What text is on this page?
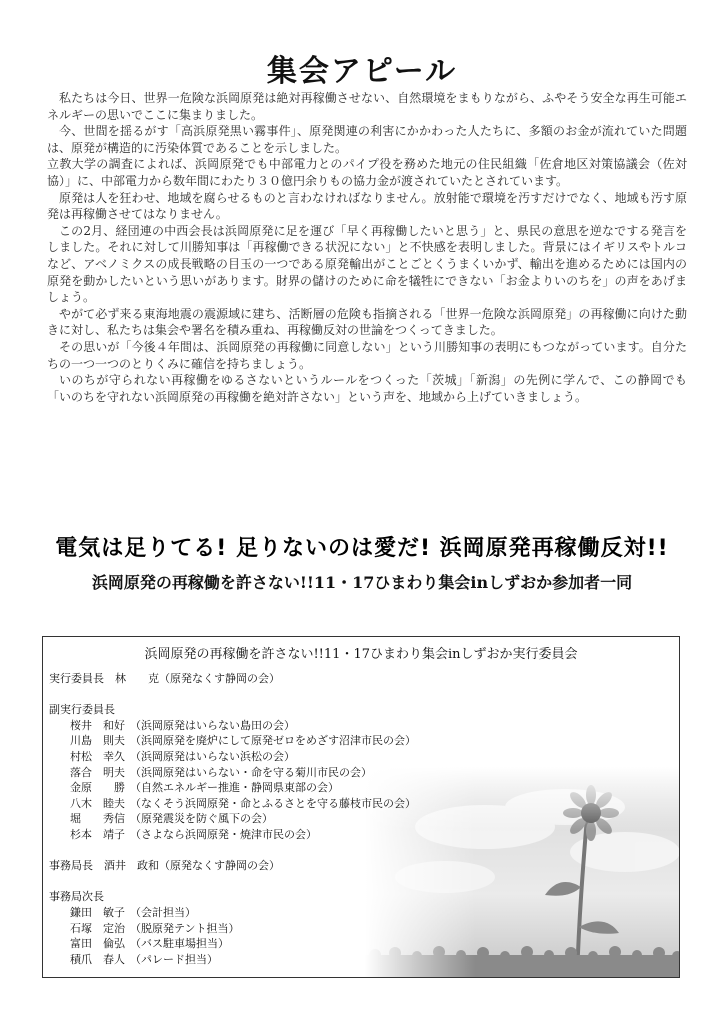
集会アピール

私たちは今日、世界一危険な浜岡原発は絶対再稼働させない、自然環境をまもりながら、ふやそう安全な再生可能エネルギーの思いでここに集まりました。

今、世間を揺るがす「高浜原発黒い霧事件」、原発関連の利害にかかわった人たちに、多額のお金が流れていた問題は、原発が構造的に汚染体質であることを示しました。

立教大学の調査によれば、浜岡原発でも中部電力とのパイプ役を務めた地元の住民組織「佐倉地区対策協議会（佐対協）」に、中部電力から数年間にわたり３０億円余りもの協力金が渡されていたとされています。

原発は人を狂わせ、地域を腐らせるものと言わなければなりません。放射能で環境を汚すだけでなく、地域も汚す原発は再稼働させてはなりません。

この2月、経団連の中西会長は浜岡原発に足を運び「早く再稼働したいと思う」と、県民の意思を逆なでする発言をしました。それに対して川勝知事は「再稼働できる状況にない」と不快感を表明しました。背景にはイギリスやトルコなど、アベノミクスの成長戦略の目玉の一つである原発輸出がことごとくうまくいかず、輸出を進めるためには国内の原発を動かしたいという思いがあります。財界の儲けのために命を犠牲にできない「お金よりいのちを」の声をあげましょう。

やがて必ず来る東海地震の震源域に建ち、活断層の危険も指摘される「世界一危険な浜岡原発」の再稼働に向けた動きに対し、私たちは集会や署名を積み重ね、再稼働反対の世論をつくってきました。

その思いが「今後４年間は、浜岡原発の再稼働に同意しない」という川勝知事の表明にもつながっています。自分たちの一つ一つのとりくみに確信を持ちましょう。

いのちが守られない再稼働をゆるさないというルールをつくった「茨城」「新潟」の先例に学んで、この静岡でも「いのちを守れない浜岡原発の再稼働を絶対許さない」という声を、地域から上げていきましょう。

電気は足りてる! 足りないのは愛だ! 浜岡原発再稼働反対!!
浜岡原発の再稼働を許さない!!11・17ひまわり集会inしずおか参加者一同
浜岡原発の再稼働を許さない!!11・17ひまわり集会inしずおか実行委員会
実行委員長　 林　　克（原発なくす静岡の会）
副実行委員長
桜井　和好 （浜岡原発はいらない島田の会）
川島　則夫 （浜岡原発を廃炉にして原発ゼロをめざす沼津市民の会）
村松　幸久 （浜岡原発はいらない浜松の会）
落合　明夫 （浜岡原発はいらない・命を守る菊川市民の会）
金原　　勝 （自然エネルギー推進・静岡県東部の会）
八木　睦夫 （なくそう浜岡原発・命とふるさとを守る藤枝市民の会）
堀　　秀信 （原発震災を防ぐ風下の会）
杉本　靖子 （さよなら浜岡原発・焼津市民の会）
事務局長　 酒井　政和（原発なくす静岡の会）
事務局次長
鎌田　敏子 （会計担当）
石塚　定治 （脱原発テント担当）
富田　倫弘 （バス駐車場担当）
積爪　春人 （パレード担当）
